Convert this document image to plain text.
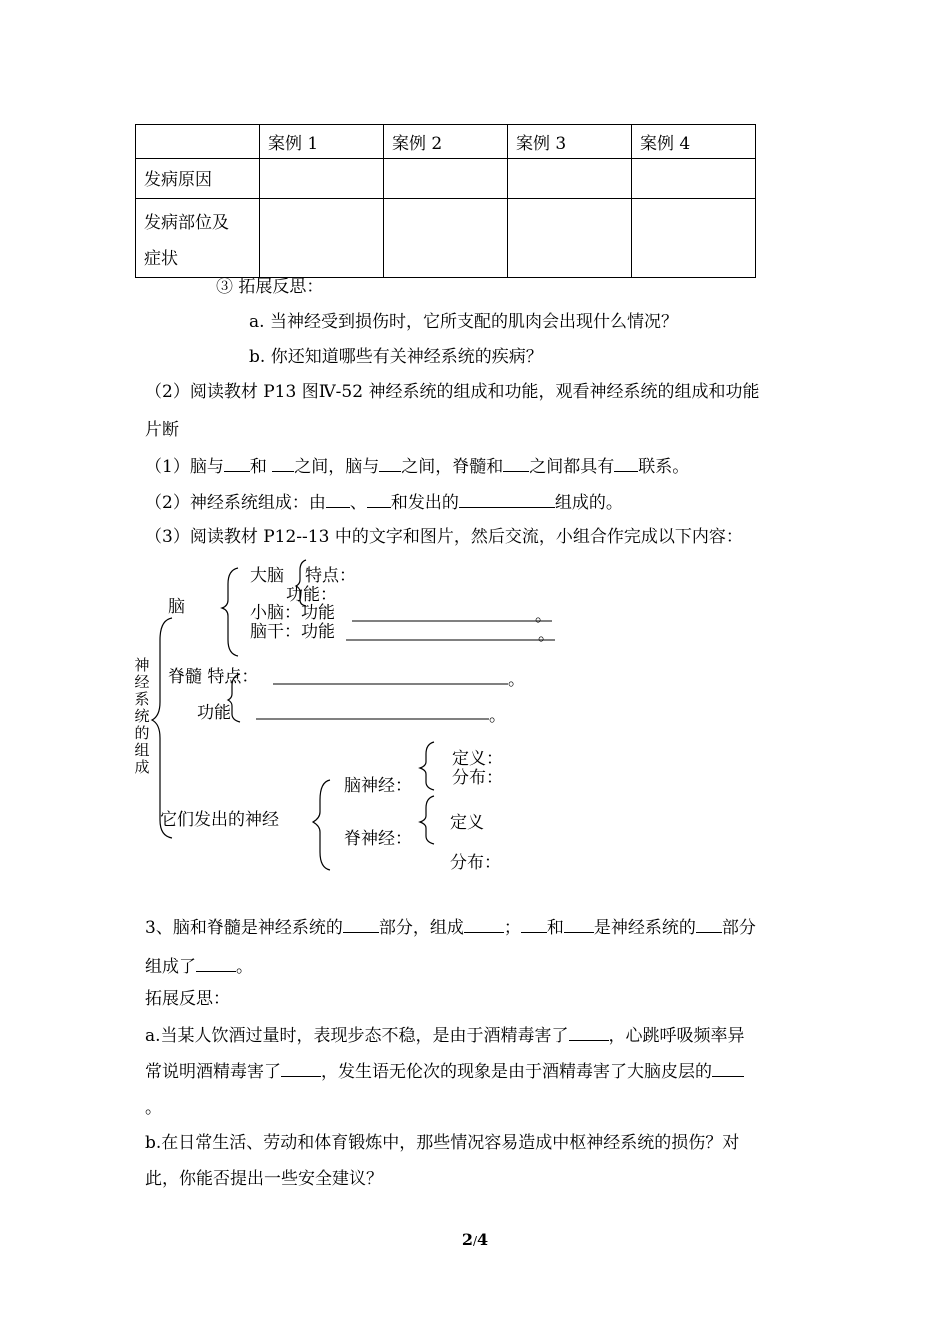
	案例 1	案例 2	案例 3	案例 4
发病原因				
发病部位及
症状				
③ 拓展反思：
a. 当神经受到损伤时，它所支配的肌肉会出现什么情况？
b. 你还知道哪些有关神经系统的疾病？
（2）阅读教材 P13 图Ⅳ-52 神经系统的组成和功能，观看神经系统的组成和功能
片断
（1）脑与 和 之间，脑与 之间，脊髓和 之间都具有 联系。
（2）神经系统组成：由 、 和发出的	组成的。
（3）阅读教材 P12--13 中的文字和图片，然后交流，小组合作完成以下内容：
神经系统的组成
脑
大脑 特点：
功能：
小脑：功能	。
脑干：功能	。
脊髓 特点：	。
功能	。
它们发出的神经
脑神经：
定义：
分布：
脊神经：
定义
分布：
3、脑和脊髓是神经系统的 部分，组成 ； 和 是神经系统的 部分
组成了 。
拓展反思：
a.当某人饮酒过量时，表现步态不稳，是由于酒精毒害了 ，心跳呼吸频率异
常说明酒精毒害了 ，发生语无伦次的现象是由于酒精毒害了大脑皮层的
。
b.在日常生活、劳动和体育锻炼中，那些情况容易造成中枢神经系统的损伤？对
此，你能否提出一些安全建议？
2/4
